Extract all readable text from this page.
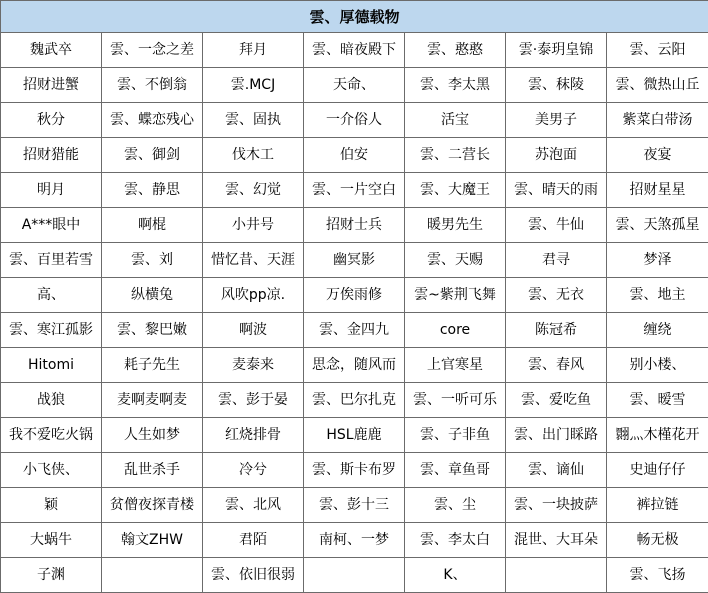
雲、厚德载物						
魏武卒	雲、一念之差	拜月	雲、暗夜殿下	雲、憨憨	雲·泰玥皇锦	雲、云阳
招财进蟹	雲、不倒翁	雲.MCJ	天命、	雲、李太黑	雲、秣陵	雲、微热山丘
秋分	雲、蝶恋残心	雲、固执	一介俗人	活宝	美男子	紫菜白带汤
招财猎能	雲、御剑	伐木工	伯安	雲、二营长	苏泡面	夜宴
明月	雲、静思	雲、幻觉	雲、一片空白	雲、大魔王	雲、晴天的雨	招财星星
A***眼中	啊棍	小井号	招财士兵	暖男先生	雲、牛仙	雲、天煞孤星
雲、百里若雪	雲、刘	惜忆昔、天涯	幽冥影	雲、天赐	君寻	梦泽
高、	纵横兔	风吹pp凉.	万俟雨修	雲~紫荆飞舞	雲、无衣	雲、地主
雲、寒江孤影	雲、黎巴嫩	啊波	雲、金四九	core	陈冠希	缠绕
Hitomi	耗子先生	麦泰来	思念，随风而	上官寒星	雲、春风	别小楼、
战狼	麦啊麦啊麦	雲、彭于晏	雲、巴尔扎克	雲、一听可乐	雲、爱吃鱼	雲、暧雪
我不爱吃火锅	人生如梦	红烧排骨	HSL鹿鹿	雲、子非鱼	雲、出门睬路	翾灬木槿花开
小飞侠、	乱世杀手	冷兮	雲、斯卡布罗	雲、章鱼哥	雲、谪仙	史迪仔仔
颖	贫僧夜探青楼	雲、北风	雲、彭十三	雲、尘	雲、一块披萨	裤拉链
大蜗牛	翰文ZHW	君陌	南柯、一梦	雲、李太白	混世、大耳朵	畅无极
子渊		雲、依旧很弱		K、		雲、飞扬
